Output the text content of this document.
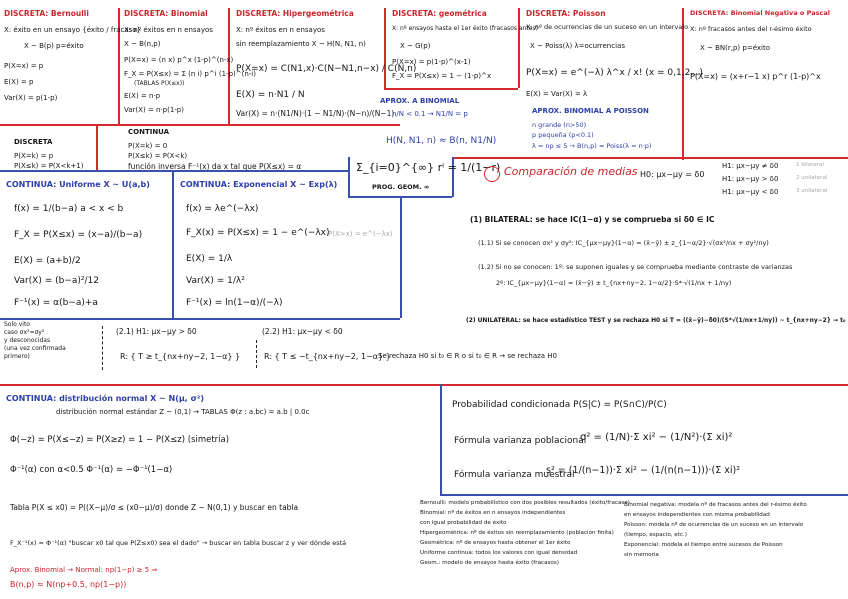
DISCRETA: Bernoulli
X: éxito en un ensayo {éxito / fracaso}
X ~ B(p) p=éxito
P(X=x) = p
E(X) = p
Var(X) = p(1-p)
DISCRETA: Binomial
X: nº éxitos en n ensayos
X ~ B(n,p)
P(X=x) = (n x) p^x (1-p)^(n-x)
F_X = P(X≤x) = Σ (n i) p^i (1-p)^(n-i)
(TABLAS P(X≤x))
E(X) = n·p
Var(X) = n·p(1-p)
DISCRETA: Hipergeométrica
X: nº éxitos en n ensayos
sin reemplazamiento X ~ H(N, N1, n)
P(X=x) = C(N1,x)·C(N−N1,n−x) / C(N,n)
E(X) = n·N1 / N
Var(X) = n·(N1/N)·(1 − N1/N)·(N−n)/(N−1)
DISCRETA: geométrica
X: nº ensayos hasta el 1er éxito (fracasos antes)
X ~ G(p)
P(X=x) = p(1-p)^(x-1)
F_X = P(X≤x) = 1 − (1-p)^x
DISCRETA: Poisson
X: nº de ocurrencias de un suceso en un intervalo
X ~ Poiss(λ) λ=ocurrencias
P(X=x) = e^(−λ) λ^x / x! (x = 0,1,2…)
E(X) = Var(X) = λ
DISCRETA: Binomial Negativa o Pascal
X: nº fracasos antes del r-ésimo éxito
X ~ BN(r,p) p=éxito
P(X=x) = (x+r−1 x) p^r (1-p)^x
APROX. A BINOMIAL
n/N < 0.1 → N1/N = p
H(N, N1, n) ≈ B(n, N1/N)
APROX. BINOMIAL A POISSON
n grande (n>50)
p pequeña (p<0.1)
λ = np ≤ 5 → B(n,p) ≈ Poiss(λ = n·p)
DISCRETA
P(X=k) = p
P(X≤k) = P(X<k+1)
CONTINUA
P(X=k) = 0
P(X≤k) = P(X<k)
función inversa F⁻¹(x) da x tal que P(X≤x) = α	Σ_{i=0}^{∞} rⁱ = 1/(1−r)
PROG. GEOM. ∞
CONTINUA: Uniforme X ~ U(a,b)
f(x) = 1/(b−a) a < x < b
F_X = P(X≤x) = (x−a)/(b−a)
E(X) = (a+b)/2
Var(X) = (b−a)²/12
F⁻¹(x) = α(b−a)+a
CONTINUA: Exponencial X ~ Exp(λ)
f(x) = λe^(−λx)
F_X(x) = P(X≤x) = 1 − e^(−λx)
P(X>x) = e^(−λx)
E(X) = 1/λ
Var(X) = 1/λ²
F⁻¹(x) = ln(1−α)/(−λ)
Comparación de medias H0: μx−μy = δ0
H1: μx−μy ≠ δ0
H1: μx−μy > δ0
H1: μx−μy < δ0
1 bilateral
2 unilateral
3 unilateral
(1) BILATERAL: se hace IC(1−α) y se comprueba si δ0 ∈ IC
(1.1) Si se conocen σx² y σy²: IC_{μx−μy}(1−α) = (x̄−ȳ) ± z_{1−α/2}·√(σx²/nx + σy²/ny)
(1.2) Si no se conocen: 1º: se suponen iguales y se comprueba mediante contraste de varianzas
2º: IC_{μx−μy}(1−α) = (x̄−ȳ) ± t_{nx+ny−2, 1−α/2}·S*·√(1/nx + 1/ny)
(2) UNILATERAL: se hace estadístico TEST y se rechaza H0 si T = ((x̄−ȳ)−δ0)/(S*√(1/nx+1/ny)) ~ t_{nx+ny−2} → t₀
Solo vito
caso σx²=σy²
y desconocidas
(una vez confirmada
primero)
(2.1) H1: μx−μy > δ0	(2.2) H1: μx−μy < δ0
R: { T ≥ t_{nx+ny−2, 1−α} }	R: { T ≤ −t_{nx+ny−2, 1−α} }
Se rechaza H0 si t₀ ∈ R o si t₀ ∈ R → se rechaza H0
CONTINUA: distribución normal X ~ N(μ, σ²)
distribución normal estándar Z ~ (0,1) → TABLAS Φ(z : a.bc) = a.b | 0.0c
Φ(−z) = P(X≤−z) = P(X≥z) = 1 − P(X≤z) (simetría)
Φ⁻¹(α) con α<0.5 Φ⁻¹(α) = −Φ⁻¹(1−α)
Tabla P(X ≤ x0) = P((X−μ)/σ ≤ (x0−μ)/σ) donde Z ~ N(0,1) y buscar en tabla
F_X⁻¹(x) = Φ⁻¹(α) "buscar x0 tal que P(Z≤x0) sea el dado" → buscar en tabla buscar z y ver dónde está
Aprox. Binomial → Normal: np(1−p) ≥ 5 ⇒
B(n,p) ≈ N(np+0.5, np(1−p))
Probabilidad condicionada P(S|C) = P(S∩C)/P(C)
Fórmula varianza poblacional
σ² = (1/N)·Σ xi² − (1/N²)·(Σ xi)²
Fórmula varianza muestral
s² = (1/(n−1))·Σ xi² − (1/(n(n−1)))·(Σ xi)²
Bernoulli: modelo probabilístico con dos posibles resultados (éxito/fracaso)
Binomial: nº de éxitos en n ensayos independientes
con igual probabilidad de éxito
Hipergeométrica: nº de éxitos sin reemplazamiento (población finita)
Geométrica: nº de ensayos hasta obtener el 1er éxito
Uniforme continua: todos los valores con igual densidad
Geom.: modelo de ensayos hasta éxito (fracasos)
Binomial negativa: modela nº de fracasos antes del r-ésimo éxito
en ensayos independientes con misma probabilidad
Poisson: modela nº de ocurrencias de un suceso en un intervalo
(tiempo, espacio, etc.)
Exponencial: modela el tiempo entre sucesos de Poisson
sin memoria
